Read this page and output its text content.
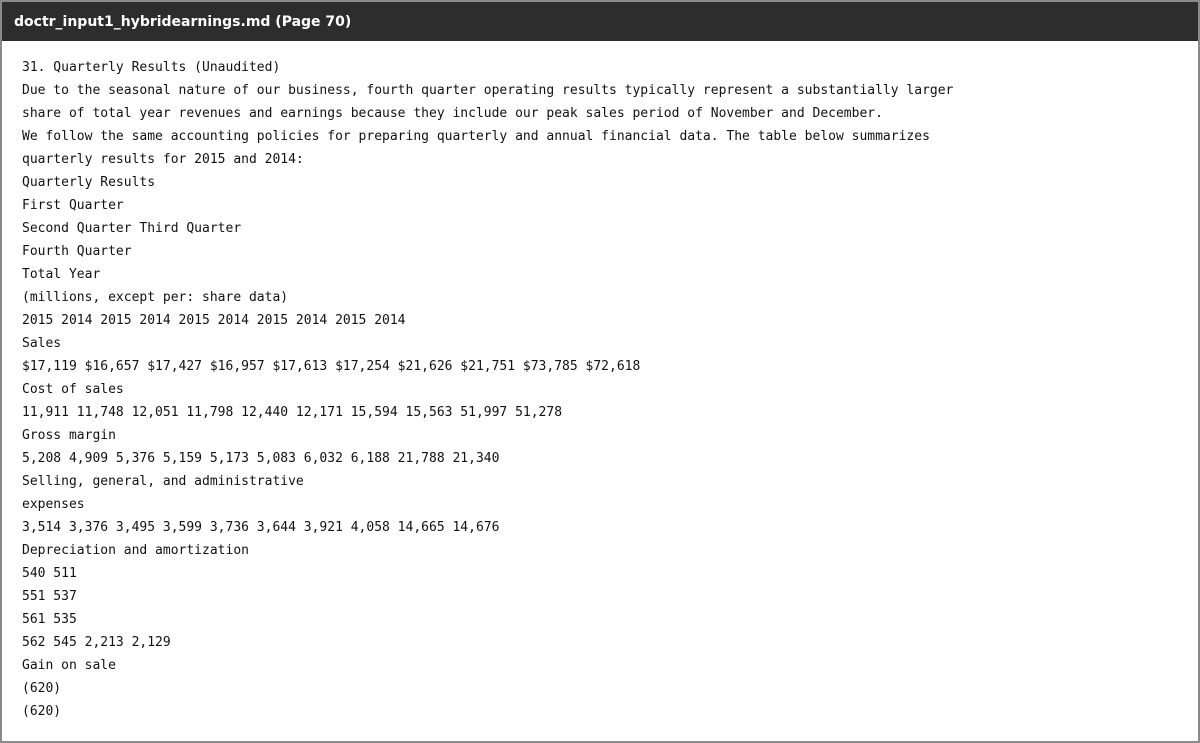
doctr_input1_hybridearnings.md (Page 70)
31. Quarterly Results (Unaudited)
Due to the seasonal nature of our business, fourth quarter operating results typically represent a substantially larger
share of total year revenues and earnings because they include our peak sales period of November and December.
We follow the same accounting policies for preparing quarterly and annual financial data. The table below summarizes
quarterly results for 2015 and 2014:
Quarterly Results
First Quarter
Second Quarter Third Quarter
Fourth Quarter
Total Year
(millions, except per: share data)
2015 2014 2015 2014 2015 2014 2015 2014 2015 2014
Sales
$17,119 $16,657 $17,427 $16,957 $17,613 $17,254 $21,626 $21,751 $73,785 $72,618
Cost of sales
11,911 11,748 12,051 11,798 12,440 12,171 15,594 15,563 51,997 51,278
Gross margin
5,208 4,909 5,376 5,159 5,173 5,083 6,032 6,188 21,788 21,340
Selling, general, and administrative
expenses
3,514 3,376 3,495 3,599 3,736 3,644 3,921 4,058 14,665 14,676
Depreciation and amortization
540 511
551 537
561 535
562 545 2,213 2,129
Gain on sale
(620)
(620)
